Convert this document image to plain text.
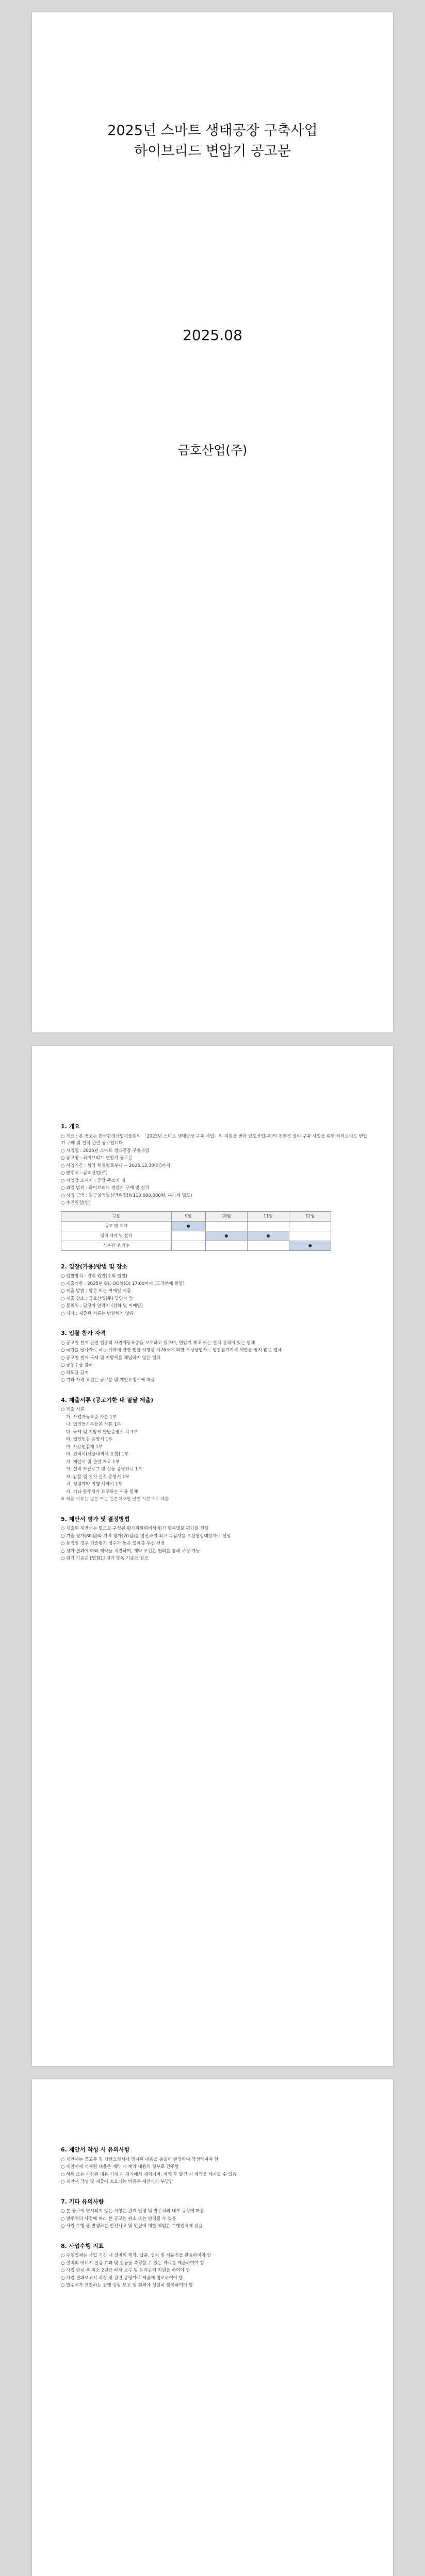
2025년 스마트 생태공장 구축사업
하이브리드 변압기 공고문
2025.08
금호산업(주)
1. 개요
○ 개요 : 본 공고는 한국환경산업기술원의 「2025년 스마트 생태공장 구축 사업」의 지원을 받아 금호산업(주)의 친환경 설비 구축 사업을 위한 하이브리드 변압기 구매 및 설치 관련 공고입니다.
○ 사업명 : 2025년 스마트 생태공장 구축사업
○ 공고명 : 하이브리드 변압기 공고문
○ 사업기간 : 협약 체결일로부터 ~ 2025.12.30(화)까지
○ 발주처 : 금호산업(주)
○ 사업장 소재지 : 공장 주소지 내
○ 과업 범위 : 하이브리드 변압기 구매 및 설치
○ 사업 금액 : 일금일억일천만원정(￦110,000,000원, 부가세 별도)
○ 추진일정(안)
구분	9월	10월	11월	12월
공고 및 계약	●			
설비 제작 및 설치		●	●	
시운전 및 검수				●
2. 입찰(가용)방법 및 장소
○ 입찰방식 : 견적 입찰(수의 입찰)
○ 제출기한 : 2025년 8월 OO일(O) 17:00까지 (도착분에 한함)
○ 제출 방법 : 방문 또는 이메일 제출
○ 제출 장소 : 금호산업(주) 담당자 앞
○ 문의처 : 담당자 연락처 (전화 및 이메일)
○ 기타 : 제출된 서류는 반환하지 않음
3. 입찰 참가 자격
○ 공고일 현재 관련 업종의 사업자등록증을 보유하고 있으며, 변압기 제조 또는 설치 실적이 있는 업체
○ 국가를 당사자로 하는 계약에 관한 법률 시행령 제76조에 의한 부정당업자로 입찰참가자격 제한을 받지 않은 업체
○ 공고일 현재 국세 및 지방세를 체납하지 않은 업체
○ 공동수급 불허
○ 하도급 금지
○ 기타 자격 요건은 공고문 및 제안요청서에 따름
4. 제출서류 (공고기한 내 필달 제출)
○ 제출 서류
가. 사업자등록증 사본 1부
나. 법인등기부등본 사본 1부
다. 국세 및 지방세 완납증명서 각 1부
라. 법인인감 증명서 1부
마. 사용인감계 1부
바. 견적서(산출내역서 포함) 1부
사. 제안서 및 관련 자료 1부
아. 설비 카탈로그 및 성능 증빙자료 1부
자. 납품 및 설치 실적 증명서 1부
차. 청렴계약 이행 서약서 1부
카. 기타 발주처가 요구하는 서류 일체
※ 제출 서류는 원본 또는 원본대조필 날인 사본으로 제출
5. 제안서 평가 및 결정방법
○ 제출된 제안서는 별도로 구성된 평가위원회에서 평가 항목별로 평가를 진행
○ 기술 평가(80점)와 가격 평가(20점)를 합산하여 최고 득점자를 우선협상대상자로 선정
○ 동점일 경우 기술평가 점수가 높은 업체를 우선 선정
○ 평가 결과에 따라 계약을 체결하며, 계약 조건은 협의를 통해 조정 가능
○ 평가 기준은 [별첨1] 평가 항목 기준표 참조
6. 제안서 작성 시 유의사항
○ 제안서는 공고문 및 제안요청서에 명시된 내용을 충실히 반영하여 작성하여야 함
○ 제안서에 기재된 내용은 계약 시 계약 내용의 일부로 간주함
○ 허위 또는 과장된 내용 기재 시 평가에서 제외되며, 계약 후 발견 시 계약을 해지할 수 있음
○ 제안서 작성 및 제출에 소요되는 비용은 제안사가 부담함
7. 기타 유의사항
○ 본 공고에 명시되지 않은 사항은 관계 법령 및 발주처의 내부 규정에 따름
○ 발주처의 사정에 따라 본 공고는 취소 또는 변경될 수 있음
○ 사업 수행 중 발생하는 안전사고 및 민원에 대한 책임은 수행업체에 있음
8. 사업수행 지표
○ 수행업체는 사업 기간 내 설비의 제작, 납품, 설치 및 시운전을 완료하여야 함
○ 설비의 에너지 절감 효과 및 성능을 측정할 수 있는 자료를 제출하여야 함
○ 사업 완료 후 최소 2년간 하자 보수 및 유지관리 지원을 하여야 함
○ 사업 결과보고서 작성 및 관련 증빙자료 제출에 협조하여야 함
○ 발주처가 요청하는 진행 상황 보고 및 회의에 성실히 참여하여야 함
